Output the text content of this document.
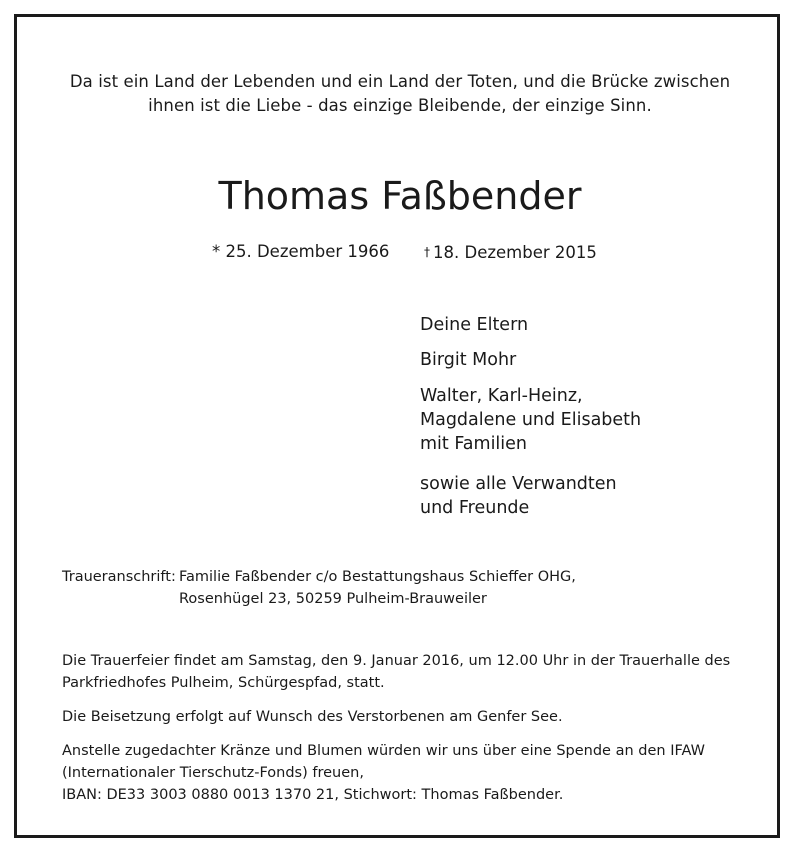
Da ist ein Land der Lebenden und ein Land der Toten, und die Brücke zwischen
ihnen ist die Liebe - das einzige Bleibende, der einzige Sinn.
Thomas Faßbender
* 25. Dezember 1966	† 18. Dezember 2015
Deine Eltern
Birgit Mohr
Walter, Karl-Heinz,
Magdalene und Elisabeth
mit Familien
sowie alle Verwandten
und Freunde
Traueranschrift: Familie Faßbender c/o Bestattungshaus Schieffer OHG,
Rosenhügel 23, 50259 Pulheim-Brauweiler
Die Trauerfeier findet am Samstag, den 9. Januar 2016, um 12.00 Uhr in der Trauerhalle des
Parkfriedhofes Pulheim, Schürgespfad, statt.
Die Beisetzung erfolgt auf Wunsch des Verstorbenen am Genfer See.
Anstelle zugedachter Kränze und Blumen würden wir uns über eine Spende an den IFAW
(Internationaler Tierschutz-Fonds) freuen,
IBAN: DE33 3003 0880 0013 1370 21, Stichwort: Thomas Faßbender.
